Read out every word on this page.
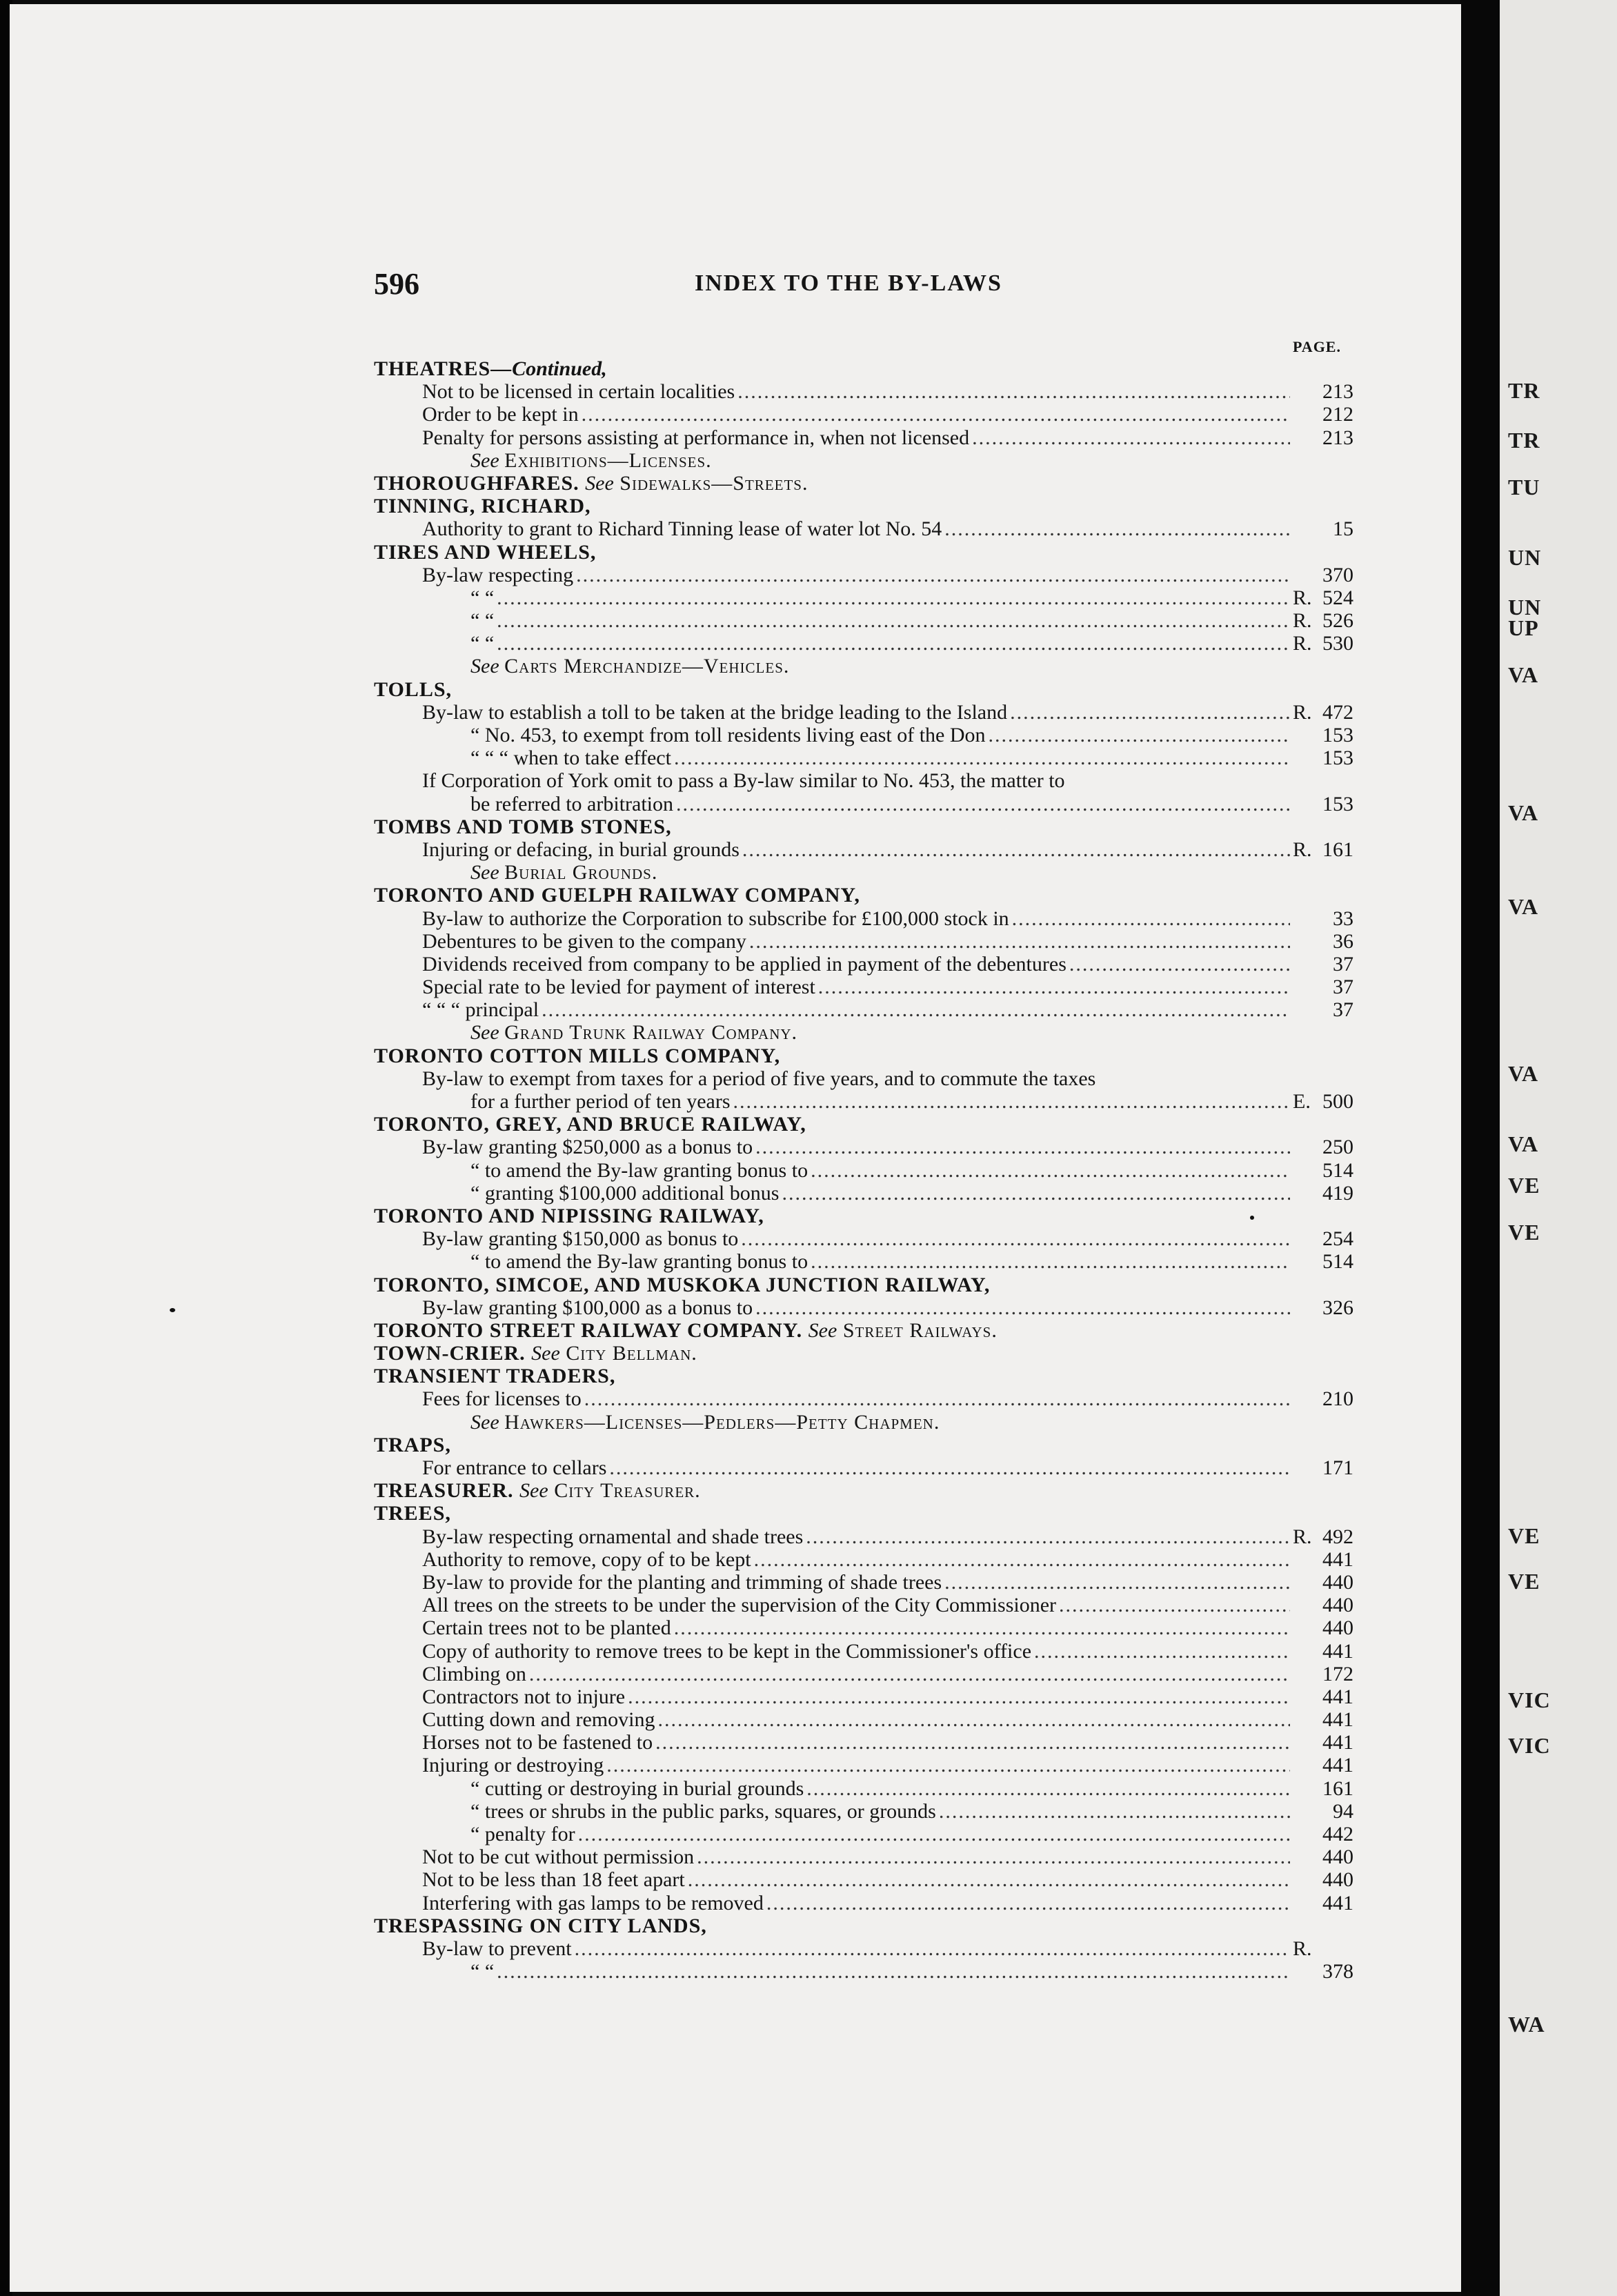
596	INDEX TO THE BY-LAWS
PAGE.
THEATRES—Continued,
Not to be licensed in certain localities .....	213
Order to be kept in .....	212
Penalty for persons assisting at performance in, when not licensed .....	213
See Exhibitions—Licenses.
THOROUGHFARES. See Sidewalks—Streets.
TINNING, RICHARD,
Authority to grant to Richard Tinning lease of water lot No. 54 .....	15
TIRES AND WHEELS,
By-law respecting .....	370
“ “ .....	R. 524
“ “ .....	R. 526
“ “ .....	R. 530
See Carts Merchandize—Vehicles.
TOLLS,
By-law to establish a toll to be taken at the bridge leading to the Island .....	R. 472
“ No. 453, to exempt from toll residents living east of the Don .....	153
“ “ “ when to take effect .....	153
If Corporation of York omit to pass a By-law similar to No. 453, the matter to
be referred to arbitration .....	153
TOMBS AND TOMB STONES,
Injuring or defacing, in burial grounds .....	R. 161
See Burial Grounds.
TORONTO AND GUELPH RAILWAY COMPANY,
By-law to authorize the Corporation to subscribe for £100,000 stock in .....	33
Debentures to be given to the company .....	36
Dividends received from company to be applied in payment of the debentures .....	37
Special rate to be levied for payment of interest .....	37
“ “ “ principal .....	37
See Grand Trunk Railway Company.
TORONTO COTTON MILLS COMPANY,
By-law to exempt from taxes for a period of five years, and to commute the taxes
for a further period of ten years .....	E. 500
TORONTO, GREY, AND BRUCE RAILWAY,
By-law granting $250,000 as a bonus to .....	250
“ to amend the By-law granting bonus to .....	514
“ granting $100,000 additional bonus .....	419
TORONTO AND NIPISSING RAILWAY,
By-law granting $150,000 as bonus to .....	254
“ to amend the By-law granting bonus to .....	514
TORONTO, SIMCOE, AND MUSKOKA JUNCTION RAILWAY,
By-law granting $100,000 as a bonus to .....	326
TORONTO STREET RAILWAY COMPANY. See Street Railways.
TOWN-CRIER. See City Bellman.
TRANSIENT TRADERS,
Fees for licenses to .....	210
See Hawkers—Licenses—Pedlers—Petty Chapmen.
TRAPS,
For entrance to cellars .....	171
TREASURER. See City Treasurer.
TREES,
By-law respecting ornamental and shade trees .....	R. 492
Authority to remove, copy of to be kept .....	441
By-law to provide for the planting and trimming of shade trees .....	440
All trees on the streets to be under the supervision of the City Commissioner .....	440
Certain trees not to be planted .....	440
Copy of authority to remove trees to be kept in the Commissioner's office .....	441
Climbing on .....	172
Contractors not to injure .....	441
Cutting down and removing .....	441
Horses not to be fastened to .....	441
Injuring or destroying .....	441
“ cutting or destroying in burial grounds .....	161
“ trees or shrubs in the public parks, squares, or grounds .....	94
“ penalty for .....	442
Not to be cut without permission .....	440
Not to be less than 18 feet apart .....	440
Interfering with gas lamps to be removed .....	441
TRESPASSING ON CITY LANDS,
By-law to prevent .....	R.
“ “ .....	378
TR
TR
TU
UN
UN
UP
VA
VA
VA
VA
VA
VE
VE
VE
VE
VIC
VIC
WA
